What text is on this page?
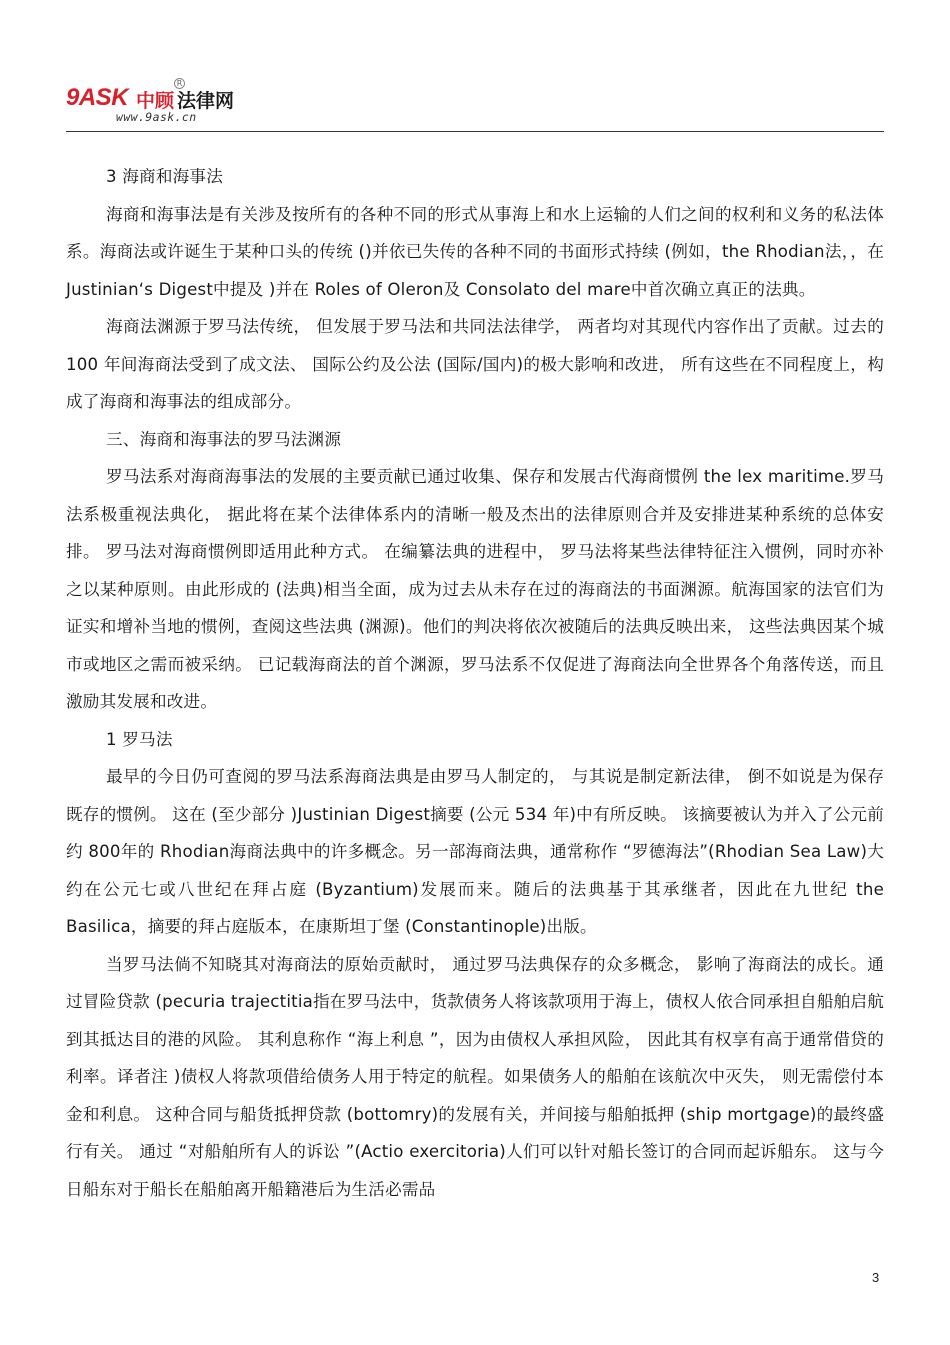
9ASK 中顾 法律网
R
www.9ask.cn

3 海商和海事法

海商和海事法是有关涉及按所有的各种不同的形式从事海上和水上运输的人们之间的权利和义务的私法体系。海商法或许诞生于某种口头的传统 ()并依已失传的各种不同的书面形式持续 (例如，the Rhodian法，，在 Justinian‘s Digest中提及 )并在 Roles of Oleron及 Consolato del mare中首次确立真正的法典。

海商法渊源于罗马法传统， 但发展于罗马法和共同法法律学， 两者均对其现代内容作出了贡献。过去的 100 年间海商法受到了成文法、 国际公约及公法 (国际/国内)的极大影响和改进， 所有这些在不同程度上，构成了海商和海事法的组成部分。

三、海商和海事法的罗马法渊源

罗马法系对海商海事法的发展的主要贡献已通过收集、保存和发展古代海商惯例 the lex maritime.罗马法系极重视法典化， 据此将在某个法律体系内的清晰一般及杰出的法律原则合并及安排进某种系统的总体安排。 罗马法对海商惯例即适用此种方式。 在编纂法典的进程中， 罗马法将某些法律特征注入惯例，同时亦补之以某种原则。由此形成的 (法典)相当全面，成为过去从未存在过的海商法的书面渊源。航海国家的法官们为证实和增补当地的惯例，查阅这些法典 (渊源)。他们的判决将依次被随后的法典反映出来， 这些法典因某个城市或地区之需而被采纳。 已记载海商法的首个渊源，罗马法系不仅促进了海商法向全世界各个角落传送，而且激励其发展和改进。

1 罗马法

最早的今日仍可查阅的罗马法系海商法典是由罗马人制定的， 与其说是制定新法律， 倒不如说是为保存既存的惯例。 这在 (至少部分 )Justinian Digest摘要 (公元 534 年)中有所反映。 该摘要被认为并入了公元前约 800年的 Rhodian海商法典中的许多概念。另一部海商法典，通常称作 “罗德海法”(Rhodian Sea Law)大约在公元七或八世纪在拜占庭 (Byzantium)发展而来。随后的法典基于其承继者，因此在九世纪 the Basilica，摘要的拜占庭版本，在康斯坦丁堡 (Constantinople)出版。

当罗马法倘不知晓其对海商法的原始贡献时， 通过罗马法典保存的众多概念， 影响了海商法的成长。通过冒险贷款 (pecuria trajectitia指在罗马法中，货款债务人将该款项用于海上，债权人依合同承担自船舶启航到其抵达目的港的风险。 其利息称作 “海上利息 ”，因为由债权人承担风险， 因此其有权享有高于通常借贷的利率。译者注 )债权人将款项借给债务人用于特定的航程。如果债务人的船舶在该航次中灭失， 则无需偿付本金和利息。 这种合同与船货抵押贷款 (bottomry)的发展有关，并间接与船舶抵押 (ship mortgage)的最终盛行有关。 通过 “对船舶所有人的诉讼 ”(Actio exercitoria)人们可以针对船长签订的合同而起诉船东。 这与今日船东对于船长在船舶离开船籍港后为生活必需品

3
